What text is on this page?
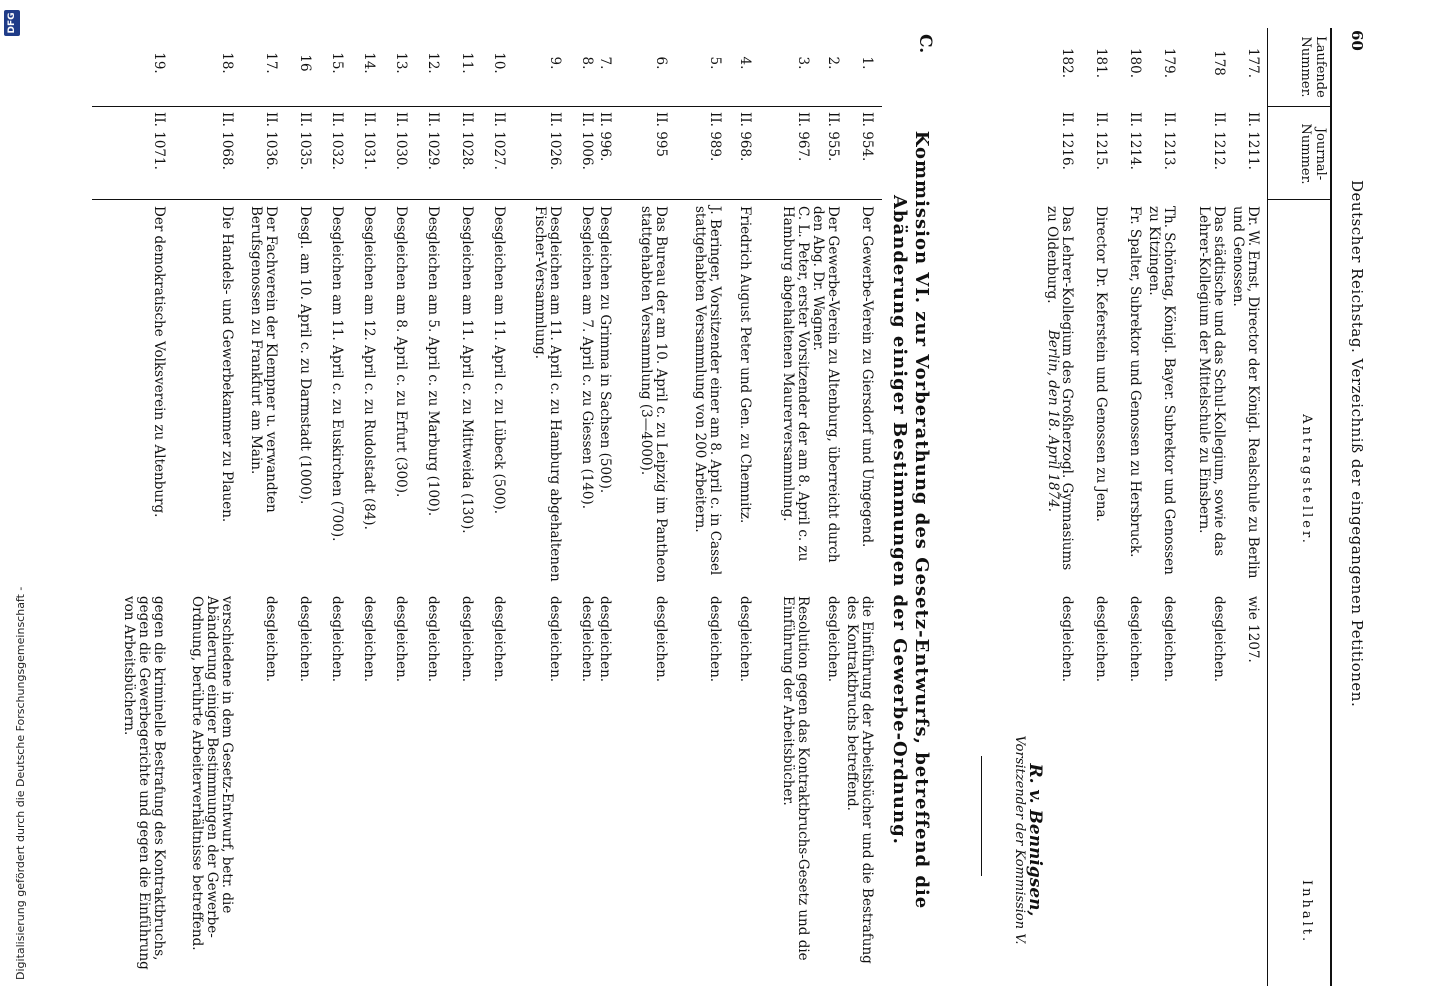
60
Deutscher Reichstag. Verzeichniß der eingegangenen Petitionen.
Laufende
Nummer.
Journal-
Nummer.
Antragsteller.
Inhalt.
177.
II. 1211.
Dr. W. Ernst, Director der Königl. Realschule zu Berlin und Genossen.
wie 1207.
178
II. 1212.
Das städtische und das Schul-Kollegium, sowie das Lehrer-Kollegium der Mittelschule zu Einsbern.
desgleichen.
179.
II. 1213.
Th. Schöntag, Königl. Bayer. Subrektor und Genossen zu Kitzingen.
desgleichen.
180.
II. 1214.
Fr. Spalter, Subrektor und Genossen zu Hersbruck.
desgleichen.
181.
II. 1215.
Director Dr. Keferstein und Genossen zu Jena.
desgleichen.
182.
II. 1216.
Das Lehrer-Kollegium des Großherzogl. Gymnasiums zu Oldenburg.
desgleichen.
Berlin, den 18. April 1874.
R. v. Bennigsen,
Vorsitzender der Kommission V.
C.
Kommission VI. zur Vorberathung des Gesetz-Entwurfs, betreffend die Abänderung einiger Bestimmungen der Gewerbe-Ordnung.
1.
II. 954.
Der Gewerbe-Verein zu Giersdorf und Umgegend.
die Einführung der Arbeitsbücher und die Bestrafung des Kontraktbruchs betreffend.
2.
II. 955.
Der Gewerbe-Verein zu Altenburg, überreicht durch den Abg. Dr. Wagner.
desgleichen.
3.
II. 967.
C. L. Peter, erster Vorsitzender der am 8. April c. zu Hamburg abgehaltenen Maurerversammlung.
Resolution gegen das Kontraktbruchs-Gesetz und die Einführung der Arbeitsbücher.
4.
II. 968.
Friedrich August Peter und Gen. zu Chemnitz.
desgleichen.
5.
II. 989.
J. Beringer, Vorsitzender einer am 8. April c. in Cassel stattgehabten Versammlung von 200 Arbeitern.
desgleichen.
6.
II. 995
Das Bureau der am 10. April c. zu Leipzig im Pantheon stattgehabten Versammlung (3—4000).
desgleichen.
7.
II. 996.
Desgleichen zu Grimma in Sachsen (500).
desgleichen.
8.
II. 1006.
Desgleichen am 7. April c. zu Giessen (140).
desgleichen.
9.
II. 1026.
Desgleichen am 11. April c. zu Hamburg abgehaltenen Fischer-Versammlung.
desgleichen.
10.
II. 1027.
Desgleichen am 11. April c. zu Lübeck (500).
desgleichen.
11.
II. 1028.
Desgleichen am 11. April c. zu Mittweida (130).
desgleichen.
12.
II. 1029.
Desgleichen am 5. April c. zu Marburg (100).
desgleichen.
13.
II. 1030.
Desgleichen am 8. April c. zu Erfurt (300).
desgleichen.
14.
II. 1031.
Desgleichen am 12. April c. zu Rudolstadt (84).
desgleichen.
15.
II. 1032.
Desgleichen am 11. April c. zu Euskirchen (700).
desgleichen.
16
II. 1035.
Desgl. am 10. April c. zu Darmstadt (1000).
desgleichen.
17.
II. 1036.
Der Fachverein der Klempner u. verwandten Berufsgenossen zu Frankfurt am Main.
desgleichen.
18.
II. 1068.
Die Handels- und Gewerbekammer zu Plauen.
verschiedene in dem Gesetz-Entwurf, betr. die Abänderung einiger Bestimmungen der Gewerbe-Ordnung, berührte Arbeiterverhältnisse betreffend.
19.
II. 1071.
Der demokratische Volksverein zu Altenburg.
gegen die kriminelle Bestrafung des Kontraktbruchs, gegen die Gewerbegerichte und gegen die Einführung von Arbeitsbüchern.
Digitalisierung gefördert durch die Deutsche Forschungsgemeinschaft -
DFG
